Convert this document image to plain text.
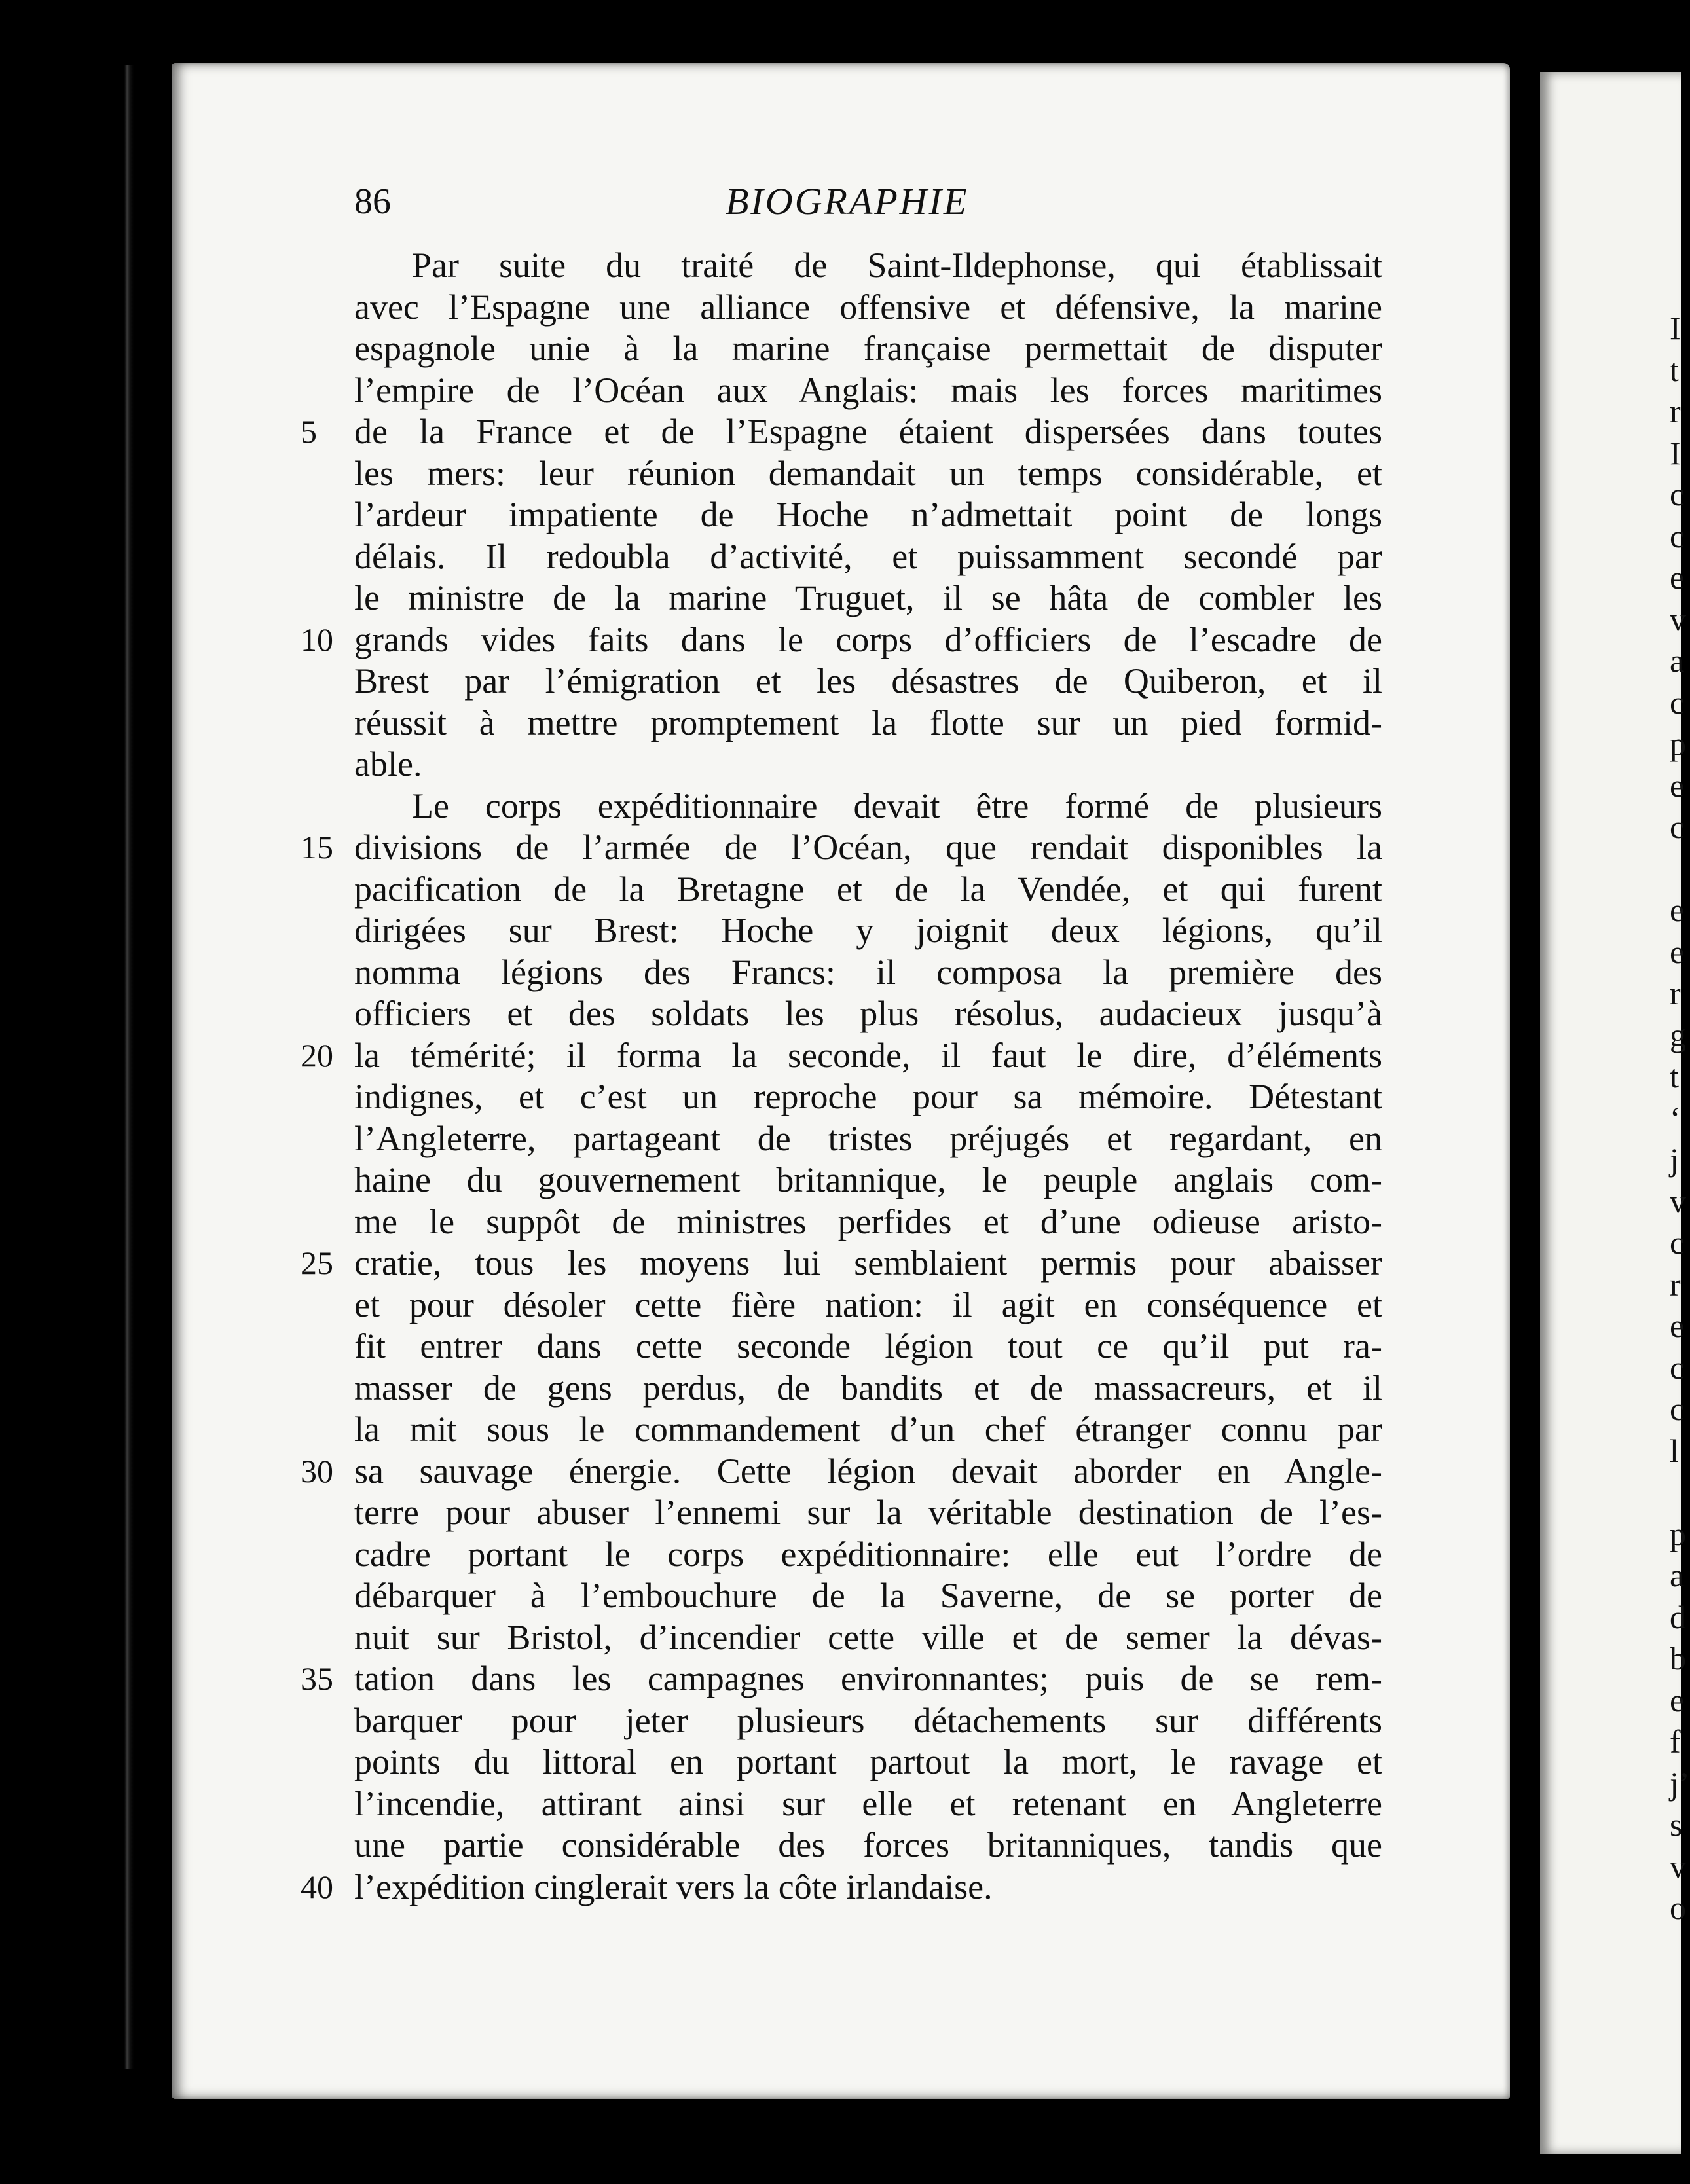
86	BIOGRAPHIE
Par suite du traité de Saint-Ildephonse, qui établissait
avec l’Espagne une alliance offensive et défensive, la marine
espagnole unie à la marine française permettait de disputer
l’empire de l’Océan aux Anglais: mais les forces maritimes
5	de la France et de l’Espagne étaient dispersées dans toutes
les mers: leur réunion demandait un temps considérable, et
l’ardeur impatiente de Hoche n’admettait point de longs
délais. Il redoubla d’activité, et puissamment secondé par
le ministre de la marine Truguet, il se hâta de combler les
10 grands vides faits dans le corps d’officiers de l’escadre de
Brest par l’émigration et les désastres de Quiberon, et il
réussit à mettre promptement la flotte sur un pied formid-
able.
Le corps expéditionnaire devait être formé de plusieurs
15 divisions de l’armée de l’Océan, que rendait disponibles la
pacification de la Bretagne et de la Vendée, et qui furent
dirigées sur Brest: Hoche y joignit deux légions, qu’il
nomma légions des Francs: il composa la première des
officiers et des soldats les plus résolus, audacieux jusqu’à
20 la témérité; il forma la seconde, il faut le dire, d’éléments
indignes, et c’est un reproche pour sa mémoire. Détestant
l’Angleterre, partageant de tristes préjugés et regardant, en
haine du gouvernement britannique, le peuple anglais com-
me le suppôt de ministres perfides et d’une odieuse aristo-
25 cratie, tous les moyens lui semblaient permis pour abaisser
et pour désoler cette fière nation: il agit en conséquence et
fit entrer dans cette seconde légion tout ce qu’il put ra-
masser de gens perdus, de bandits et de massacreurs, et il
la mit sous le commandement d’un chef étranger connu par
30 sa sauvage énergie. Cette légion devait aborder en Angle-
terre pour abuser l’ennemi sur la véritable destination de l’es-
cadre portant le corps expéditionnaire: elle eut l’ordre de
débarquer à l’embouchure de la Saverne, de se porter de
nuit sur Bristol, d’incendier cette ville et de semer la dévas-
35 tation dans les campagnes environnantes; puis de se rem-
barquer pour jeter plusieurs détachements sur différents
points du littoral en portant partout la mort, le ravage et
l’incendie, attirant ainsi sur elle et retenant en Angleterre
une partie considérable des forces britanniques, tandis que
40 l’expédition cinglerait vers la côte irlandaise.
I
t
r
I
c
c
e
v
a
c
p
e
c
e
e
r
g
t
‘
j
v
c
r
e
c
c
l
p
a
d
b
e
f
j’
s
v
o
